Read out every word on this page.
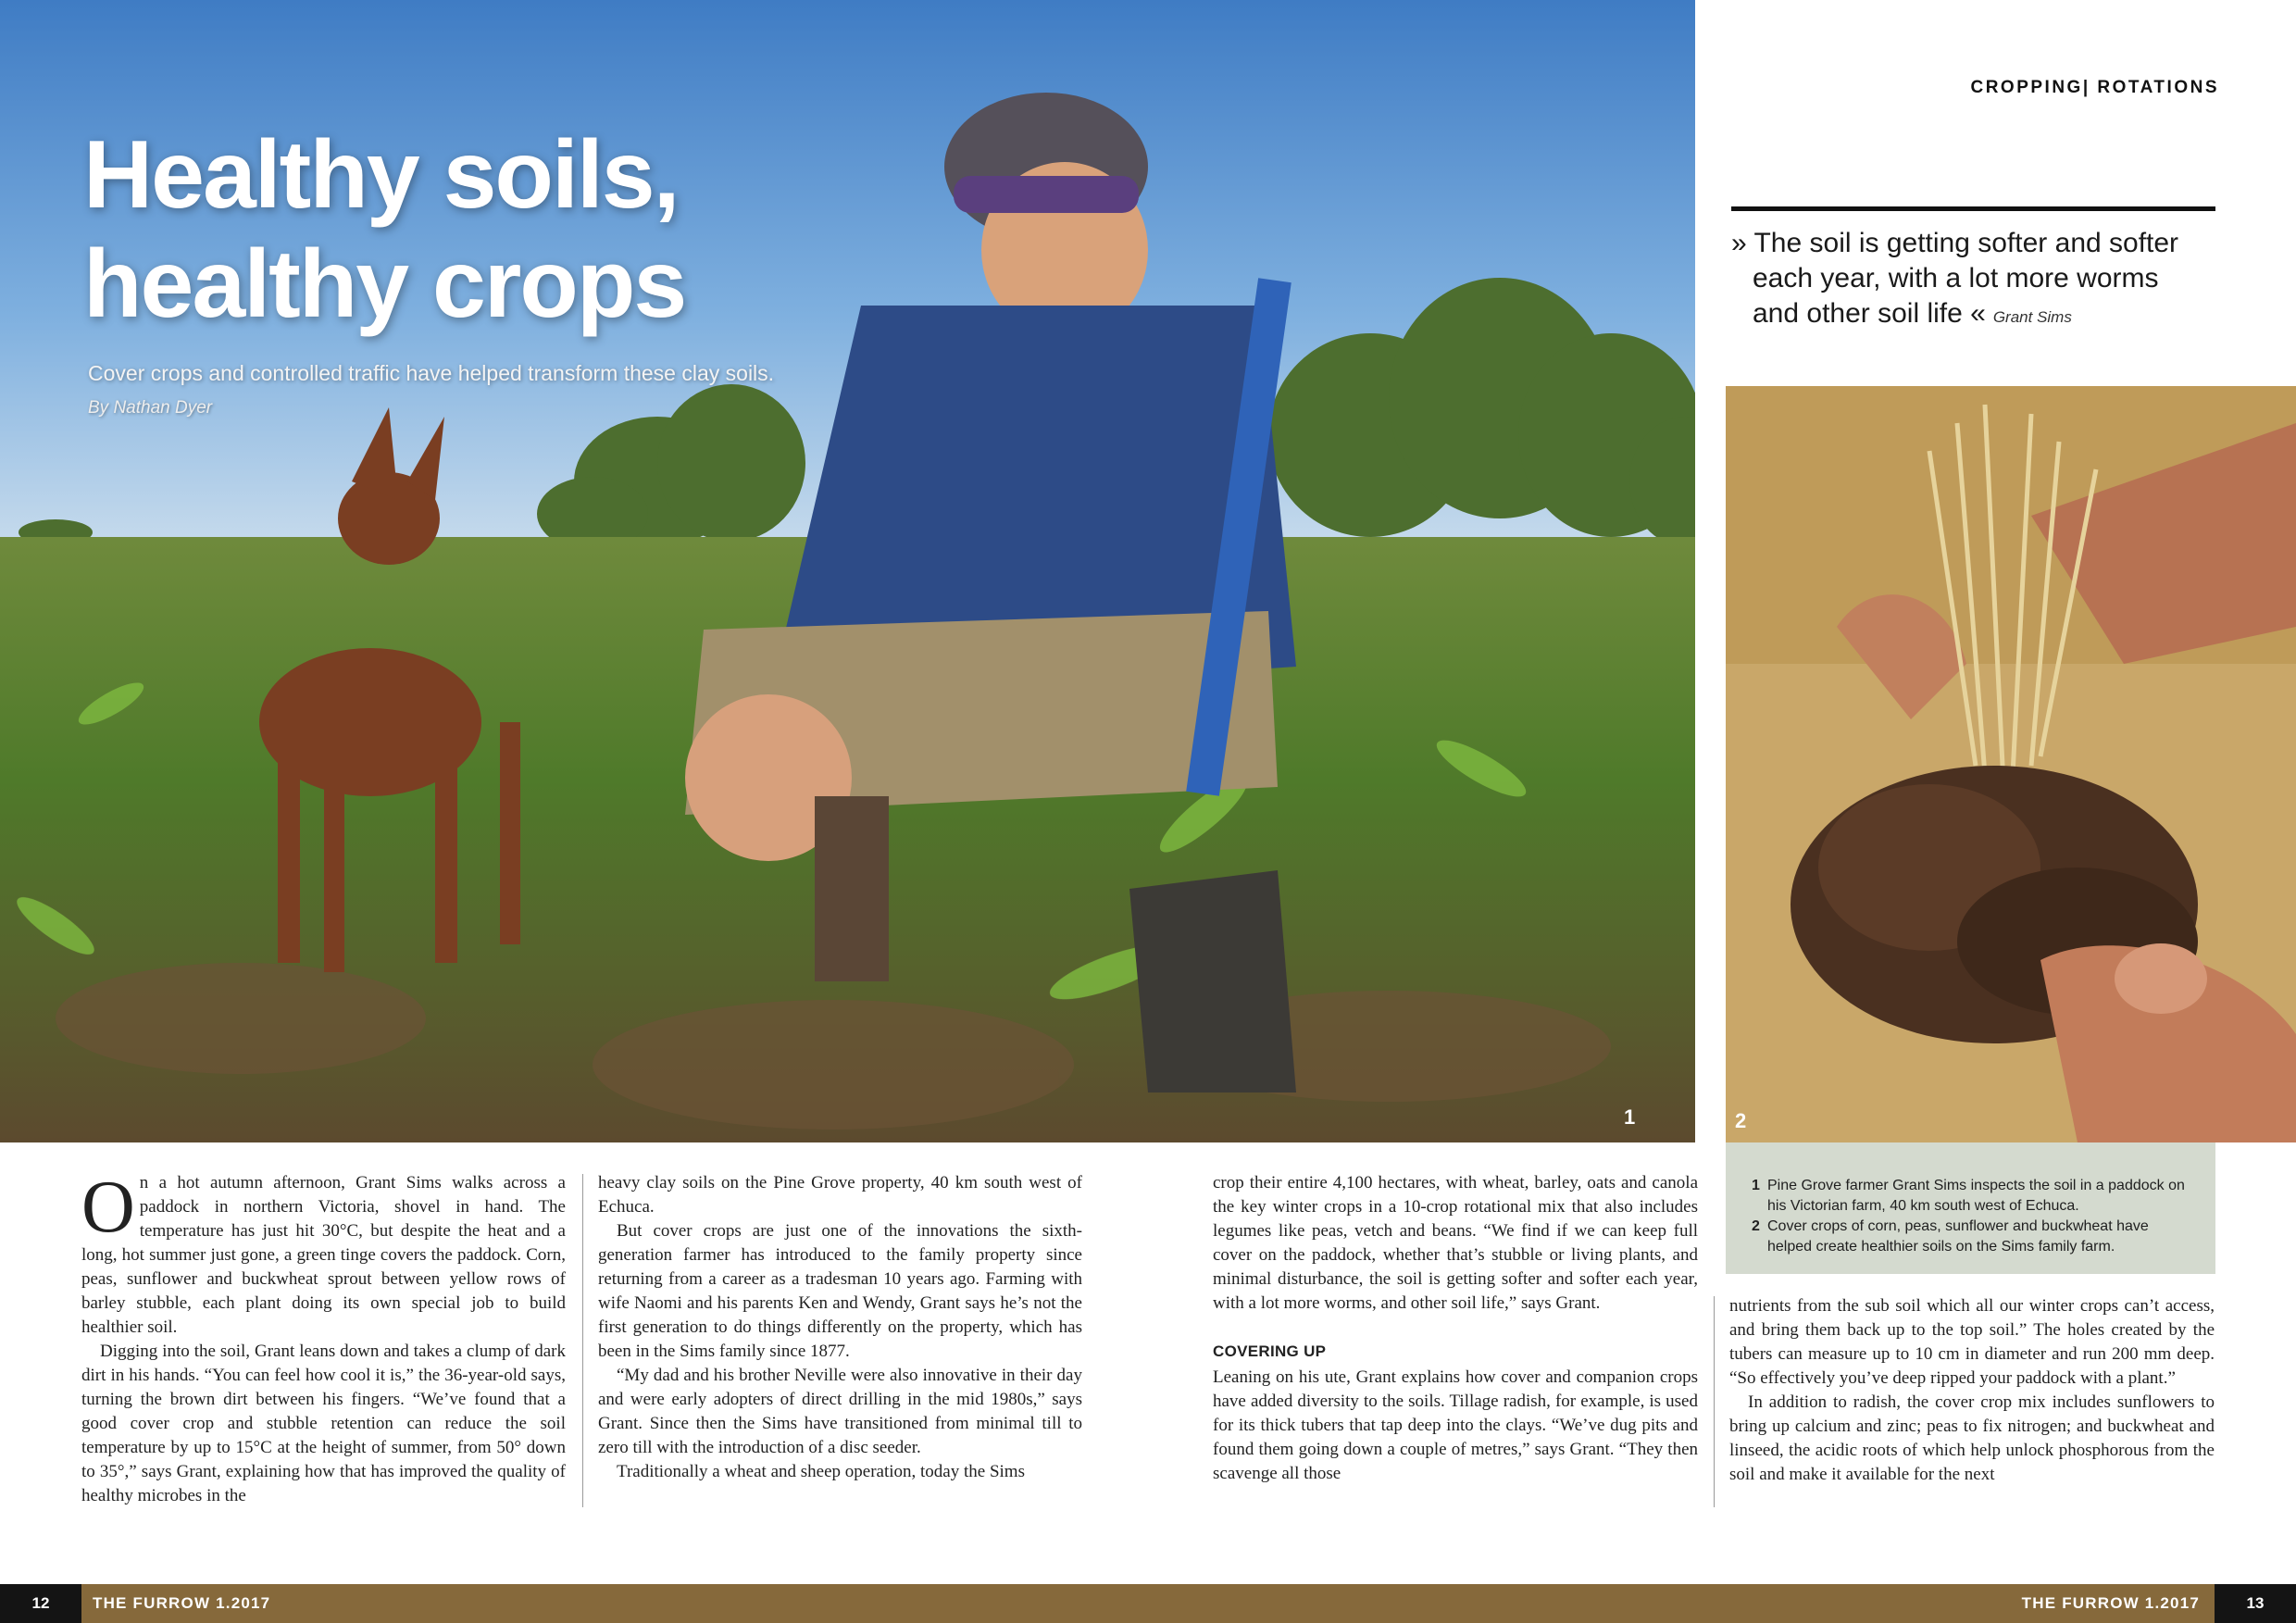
Healthy soils,
healthy crops
Cover crops and controlled traffic have helped transform these clay soils.
By Nathan Dyer
1
CROPPING| ROTATIONS
» The soil is getting softer and softer
each year, with a lot more worms
and other soil life « Grant Sims
2
1 Pine Grove farmer Grant Sims inspects the soil in a paddock on his Victorian farm, 40 km south west of Echuca.
2 Cover crops of corn, peas, sunflower and buckwheat have helped create healthier soils on the Sims family farm.

On a hot autumn afternoon, Grant Sims walks across a paddock in northern Victoria, shovel in hand. The temperature has just hit 30°C, but despite the heat and a long, hot summer just gone, a green tinge covers the paddock. Corn, peas, sunflower and buckwheat sprout between yellow rows of barley stubble, each plant doing its own special job to build healthier soil.

Digging into the soil, Grant leans down and takes a clump of dark dirt in his hands. “You can feel how cool it is,” the 36-year-old says, turning the brown dirt between his fingers. “We’ve found that a good cover crop and stubble retention can reduce the soil temperature by up to 15°C at the height of summer, from 50° down to 35°,” says Grant, explaining how that has improved the quality of healthy microbes in the

heavy clay soils on the Pine Grove property, 40 km south west of Echuca.

But cover crops are just one of the innovations the sixth-generation farmer has introduced to the family property since returning from a career as a tradesman 10 years ago. Farming with wife Naomi and his parents Ken and Wendy, Grant says he’s not the first generation to do things differently on the property, which has been in the Sims family since 1877.

“My dad and his brother Neville were also innovative in their day and were early adopters of direct drilling in the mid 1980s,” says Grant. Since then the Sims have transitioned from minimal till to zero till with the introduction of a disc seeder.

Traditionally a wheat and sheep operation, today the Sims

crop their entire 4,100 hectares, with wheat, barley, oats and canola the key winter crops in a 10-crop rotational mix that also includes legumes like peas, vetch and beans. “We find if we can keep full cover on the paddock, whether that’s stubble or living plants, and minimal disturbance, the soil is getting softer and softer each year, with a lot more worms, and other soil life,” says Grant.

COVERING UP

Leaning on his ute, Grant explains how cover and companion crops have added diversity to the soils. Tillage radish, for example, is used for its thick tubers that tap deep into the clays. “We’ve dug pits and found them going down a couple of metres,” says Grant. “They then scavenge all those

nutrients from the sub soil which all our winter crops can’t access, and bring them back up to the top soil.” The holes created by the tubers can measure up to 10 cm in diameter and run 200 mm deep. “So effectively you’ve deep ripped your paddock with a plant.”

In addition to radish, the cover crop mix includes sunflowers to bring up calcium and zinc; peas to fix nitrogen; and buckwheat and linseed, the acidic roots of which help unlock phosphorous from the soil and make it available for the next

12	THE FURROW 1.2017	THE FURROW 1.2017	13
